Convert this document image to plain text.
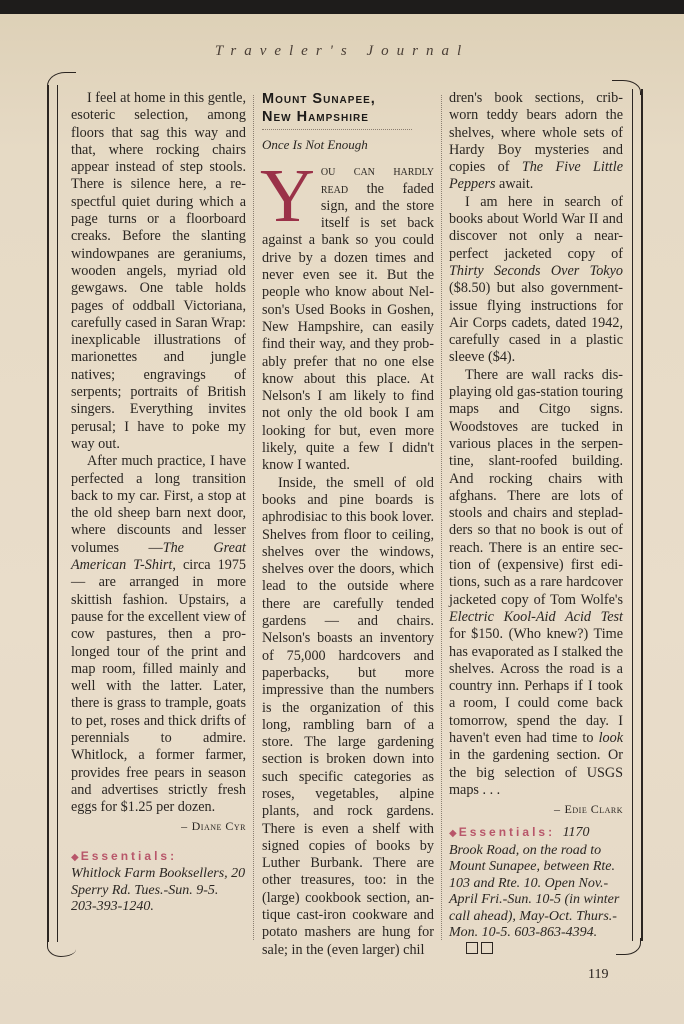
Traveler's Journal

I feel at home in this gentle, esoteric selection, among floors that sag this way and that, where rocking chairs appear instead of step stools. There is silence here, a respectful quiet during which a page turns or a floorboard creaks. Before the slanting windowpanes are geraniums, wooden angels, myriad old gewgaws. One table holds pages of oddball Victoriana, carefully cased in Saran Wrap: inexplicable illustrations of marionettes and jungle natives; engravings of serpents; portraits of British singers. Everything invites perusal; I have to poke my way out.

After much practice, I have perfected a long transition back to my car. First, a stop at the old sheep barn next door, where discounts and lesser volumes —The Great American T-Shirt, circa 1975 — are arranged in more skittish fashion. Upstairs, a pause for the excellent view of cow pastures, then a prolonged tour of the print and map room, filled mainly and well with the latter. Later, there is grass to trample, goats to pet, roses and thick drifts of perennials to admire. Whitlock, a former farmer, provides free pears in season and advertises strictly fresh eggs for $1.25 per dozen.

– Diane Cyr
◆ Essentials:
Whitlock Farm Booksellers, 20 Sperry Rd. Tues.-Sun. 9-5. 203-393-1240.
Mount Sunapee,
New Hampshire
Once Is Not Enough

You can hardly read the faded sign, and the store itself is set back against a bank so you could drive by a dozen times and never even see it. But the people who know about Nelson's Used Books in Goshen, New Hampshire, can easily find their way, and they probably prefer that no one else know about this place. At Nelson's I am likely to find not only the old book I am looking for but, even more likely, quite a few I didn't know I wanted.

Inside, the smell of old books and pine boards is aphrodisiac to this book lover. Shelves from floor to ceiling, shelves over the windows, shelves over the doors, which lead to the outside where there are carefully tended gardens — and chairs. Nelson's boasts an inventory of 75,000 hardcovers and paperbacks, but more impressive than the numbers is the organization of this long, rambling barn of a store. The large gardening section is broken down into such specific categories as roses, vegetables, alpine plants, and rock gardens. There is even a shelf with signed copies of books by Luther Burbank. There are other treasures, too: in the (large) cookbook section, antique cast-iron cookware and potato mashers are hung for sale; in the (even larger) chil

dren's book sections, crib-worn teddy bears adorn the shelves, where whole sets of Hardy Boy mysteries and copies of The Five Little Peppers await.

I am here in search of books about World War II and discover not only a near-perfect jacketed copy of Thirty Seconds Over Tokyo ($8.50) but also government-issue flying instructions for Air Corps cadets, dated 1942, carefully cased in a plastic sleeve ($4).

There are wall racks displaying old gas-station touring maps and Citgo signs. Woodstoves are tucked in various places in the serpentine, slant-roofed building. And rocking chairs with afghans. There are lots of stools and chairs and stepladders so that no book is out of reach. There is an entire section of (expensive) first editions, such as a rare hardcover jacketed copy of Tom Wolfe's Electric Kool-Aid Acid Test for $150. (Who knew?) Time has evaporated as I stalked the shelves. Across the road is a country inn. Perhaps if I took a room, I could come back tomorrow, spend the day. I haven't even had time to look in the gardening section. Or the big selection of USGS maps . . .

– Edie Clark
◆ Essentials: 1170 Brook Road, on the road to Mount Sunapee, between Rte. 103 and Rte. 10. Open Nov.-April Fri.-Sun. 10-5 (in winter call ahead), May-Oct. Thurs.-Mon. 10-5. 603-863-4394.
119
